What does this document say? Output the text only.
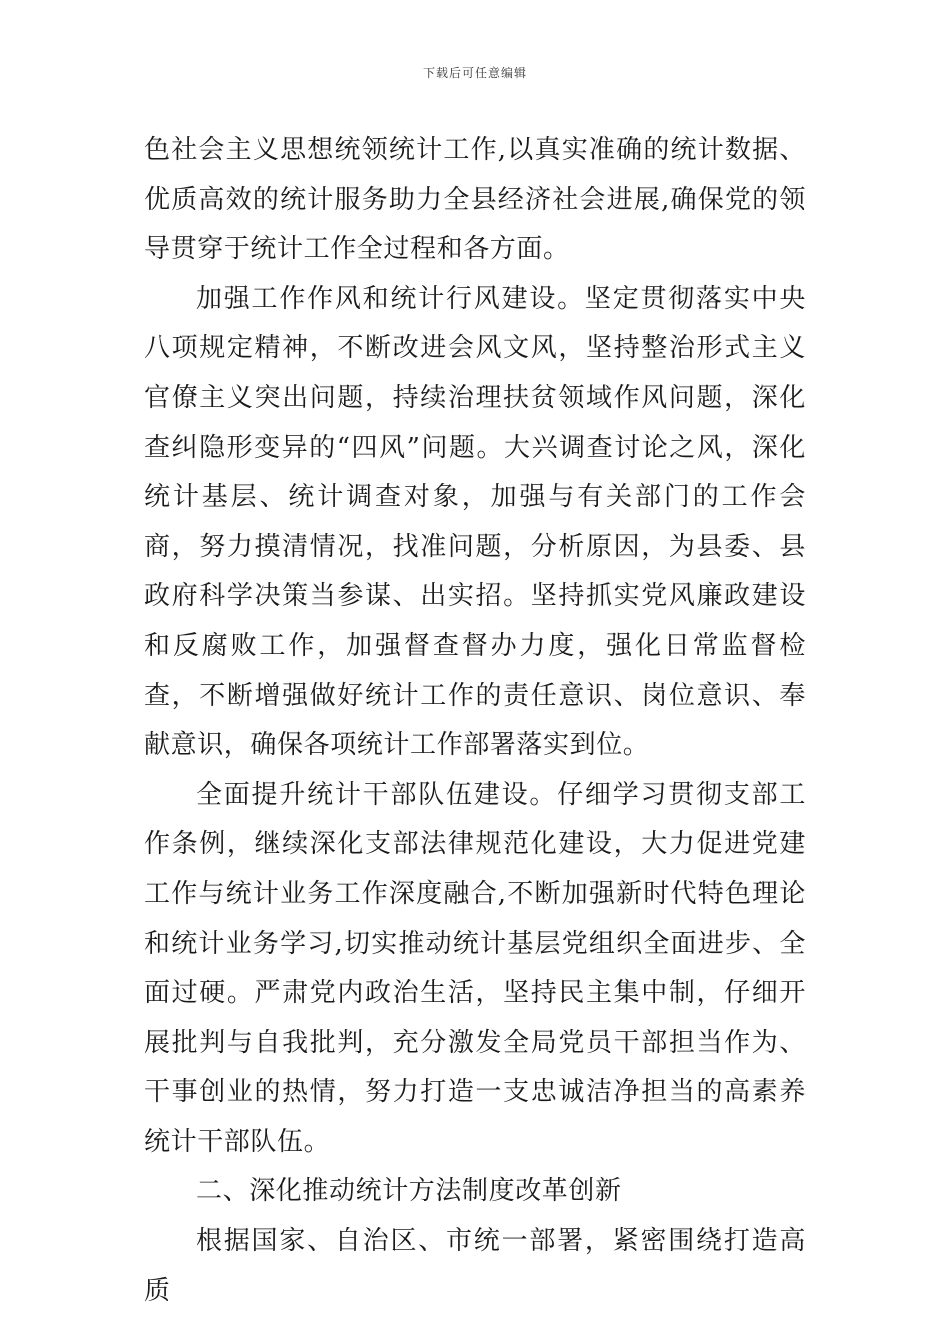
下载后可任意编辑

色社会主义思想统领统计工作,以真实准确的统计数据、优质高效的统计服务助力全县经济社会进展,确保党的领导贯穿于统计工作全过程和各方面。

加强工作作风和统计行风建设。坚定贯彻落实中央八项规定精神，不断改进会风文风，坚持整治形式主义官僚主义突出问题，持续治理扶贫领域作风问题，深化查纠隐形变异的“四风”问题。大兴调查讨论之风，深化统计基层、统计调查对象，加强与有关部门的工作会商，努力摸清情况，找准问题，分析原因，为县委、县政府科学决策当参谋、出实招。坚持抓实党风廉政建设和反腐败工作，加强督查督办力度，强化日常监督检查，不断增强做好统计工作的责任意识、岗位意识、奉献意识，确保各项统计工作部署落实到位。

全面提升统计干部队伍建设。仔细学习贯彻支部工作条例，继续深化支部法律规范化建设，大力促进党建工作与统计业务工作深度融合,不断加强新时代特色理论和统计业务学习,切实推动统计基层党组织全面进步、全面过硬。严肃党内政治生活，坚持民主集中制，仔细开展批判与自我批判，充分激发全局党员干部担当作为、干事创业的热情，努力打造一支忠诚洁净担当的高素养统计干部队伍。

二、深化推动统计方法制度改革创新

根据国家、自治区、市统一部署，紧密围绕打造高质
